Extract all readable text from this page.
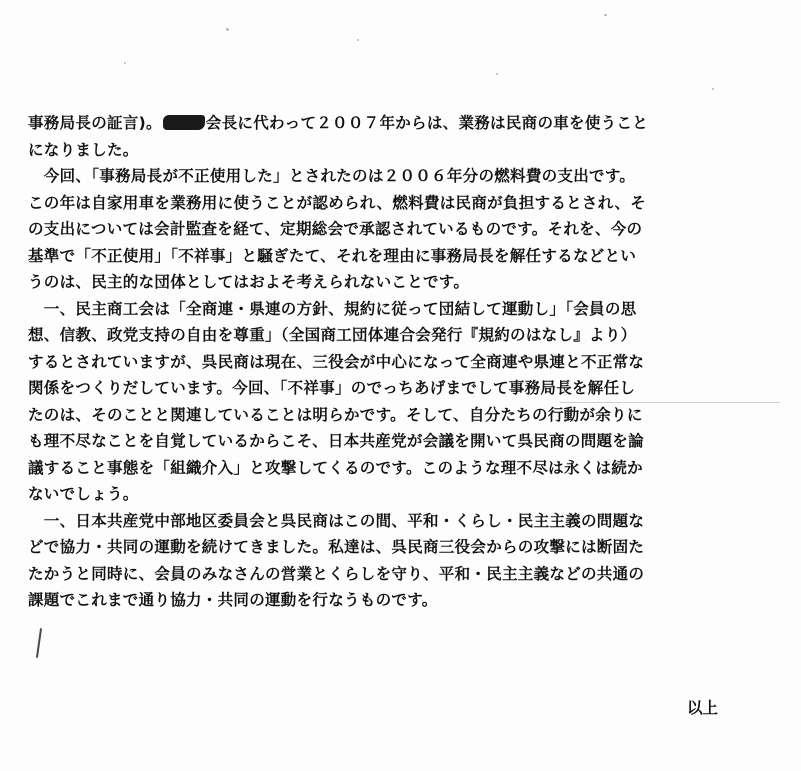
事務局長の証言)。	会長に代わって２００７年からは、業務は民商の車を使うこと
になりました。
　今回、「事務局長が不正使用した」とされたのは２００６年分の燃料費の支出です。
この年は自家用車を業務用に使うことが認められ、燃料費は民商が負担するとされ、そ
の支出については会計監査を経て、定期総会で承認されているものです。それを、今の
基準で「不正使用」「不祥事」と騒ぎたて、それを理由に事務局長を解任するなどとい
うのは、民主的な団体としてはおよそ考えられないことです。
　一、民主商工会は「全商連・県連の方針、規約に従って団結して運動し」「会員の思
想、信教、政党支持の自由を尊重」（全国商工団体連合会発行『規約のはなし』より）
するとされていますが、呉民商は現在、三役会が中心になって全商連や県連と不正常な
関係をつくりだしています。今回、「不祥事」のでっちあげまでして事務局長を解任し
たのは、そのことと関連していることは明らかです。そして、自分たちの行動が余りに
も理不尽なことを自覚しているからこそ、日本共産党が会議を開いて呉民商の問題を論
議すること事態を「組織介入」と攻撃してくるのです。このような理不尽は永くは続か
ないでしょう。
　一、日本共産党中部地区委員会と呉民商はこの間、平和・くらし・民主主義の問題な
どで協力・共同の運動を続けてきました。私達は、呉民商三役会からの攻撃には断固た
たかうと同時に、会員のみなさんの営業とくらしを守り、平和・民主主義などの共通の
課題でこれまで通り協力・共同の運動を行なうものです。
以上
